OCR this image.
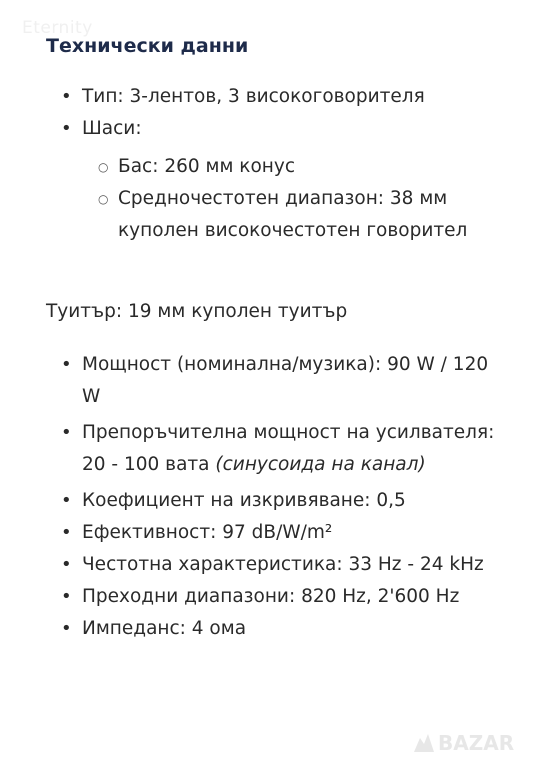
Eternity
Технически данни
• Тип: 3-лентов, 3 високоговорителя
• Шаси:
○ Бас: 260 мм конус
○ Средночестотен диапазон: 38 мм куполен високочестотен говорител
Туитър: 19 мм куполен туитър
• Мощност (номинална/музика): 90 W / 120 W
• Препоръчителна мощност на усилвателя: 20 - 100 вата (синусоида на канал)
• Коефициент на изкривяване: 0,5
• Ефективност: 97 dB/W/m²
• Честотна характеристика: 33 Hz - 24 kHz
• Преходни диапазони: 820 Hz, 2'600 Hz
• Импеданс: 4 ома
BAZAR
